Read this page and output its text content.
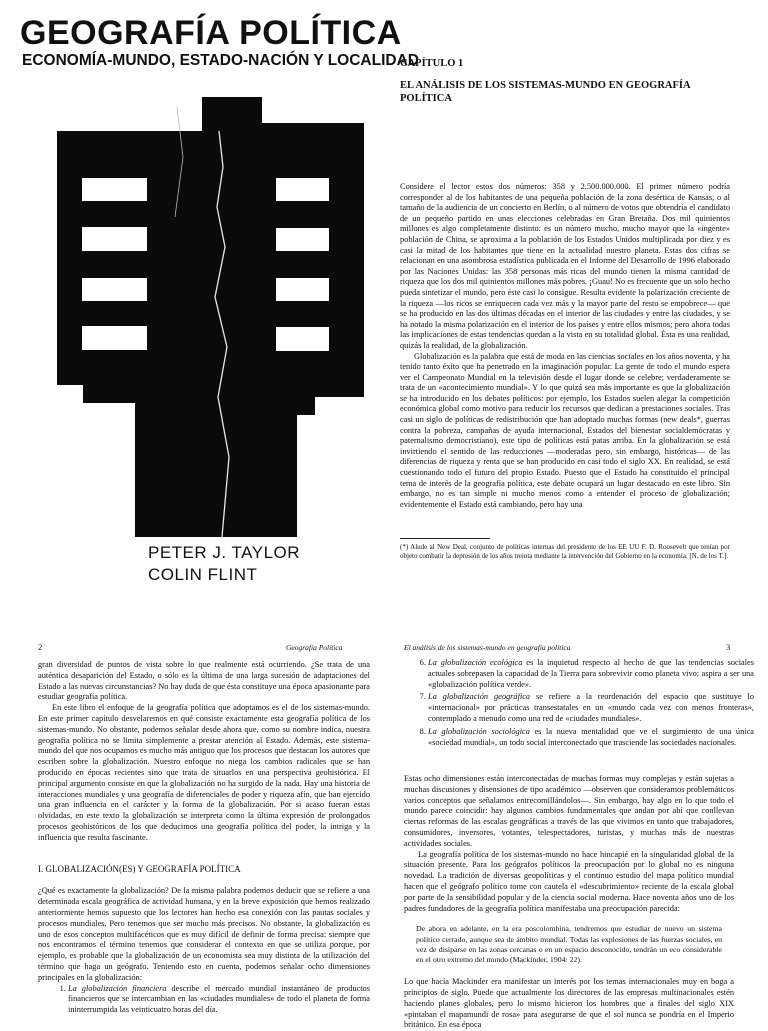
GEOGRAFÍA POLÍTICA
ECONOMÍA-MUNDO, ESTADO-NACIÓN Y LOCALIDAD
PETER J. TAYLOR
COLIN FLINT
CAPÍTULO 1
EL ANÁLISIS DE LOS SISTEMAS-MUNDO EN GEOGRAFÍA POLÍTICA

Considere el lector estos dos números: 358 y 2.500.000.000. El primer número podría corresponder al de los habitantes de una pequeña población de la zona desértica de Kansas, o al tamaño de la audiencia de un concierto en Berlín, o al número de votos que obtendría el candidato de un pequeño partido en unas elecciones celebradas en Gran Bretaña. Dos mil quinientos millones es algo completamente distinto: es un número mucho, mucho mayor que la «ingente» población de China, se aproxima a la población de los Estados Unidos multiplicada por diez y es casi la mitad de los habitantes que tiene en la actualidad nuestro planeta. Estas dos cifras se relacionan en una asombrosa estadística publicada en el Informe del Desarrollo de 1996 elaborado por las Naciones Unidas: las 358 personas más ricas del mundo tienen la misma cantidad de riqueza que los dos mil quinientos millones más pobres. ¡Guau! No es frecuente que un solo hecho pueda sintetizar el mundo, pero éste casi lo consigue. Resulta evidente la polarización creciente de la riqueza —los ricos se enriquecen cada vez más y la mayor parte del resto se empobrece— que se ha producido en las dos últimas décadas en el interior de las ciudades y entre las ciudades, y se ha notado la misma polarización en el interior de los países y entre ellos mismos; pero ahora todas las implicaciones de estas tendencias quedan a la vista en su totalidad global. Ésta es una realidad, quizás la realidad, de la globalización.

Globalización es la palabra que está de moda en las ciencias sociales en los años noventa, y ha tenido tanto éxito que ha penetrado en la imaginación popular. La gente de todo el mundo espera ver el Campeonato Mundial en la televisión desde el lugar donde se celebre; verdaderamente se trata de un «acontecimiento mundial». Y lo que quizá sea más importante es que la globalización se ha introducido en los debates políticos: por ejemplo, los Estados suelen alegar la competición económica global como motivo para reducir los recursos que dedican a prestaciones sociales. Tras casi un siglo de políticas de redistribución que han adoptado muchas formas (new deals*, guerras contra la pobreza, campañas de ayuda internacional, Estados del bienestar socialdemócratas y paternalismo democristiano), este tipo de políticas está patas arriba. En la globalización se está invirtiendo el sentido de las reducciones —moderadas pero, sin embargo, históricas— de las diferencias de riqueza y renta que se han producido en casi todo el siglo XX. En realidad, se está cuestionando todo el futuro del propio Estado. Puesto que el Estado ha constituido el principal tema de interés de la geografía política, este debate ocupará un lugar destacado en este libro. Sin embargo, no es tan simple ni mucho menos como a entender el proceso de globalización; evidentemente el Estado está cambiando, pero hay una

(*) Alude al New Deal, conjunto de políticas internas del presidente de los EE UU F. D. Roosevelt que tenían por objeto combatir la depresión de los años treinta mediante la intervención del Gobierno en la economía. [N. de los T.].
2	Geografía Política

gran diversidad de puntos de vista sobre lo que realmente está ocurriendo. ¿Se trata de una auténtica desaparición del Estado, o sólo es la última de una larga sucesión de adaptaciones del Estado a las nuevas circunstancias? No hay duda de que ésta constituye una época apasionante para estudiar geografía política.

En este libro el enfoque de la geografía política que adoptamos es el de los sistemas-mundo. En este primer capítulo desvelaremos en qué consiste exactamente esta geografía política de los sistemas-mundo. No obstante, podemos señalar desde ahora que, como su nombre indica, nuestra geografía política no se limita simplemente a prestar atención al Estado. Además, este sistema-mundo del que nos ocupamos es mucho más antiguo que los procesos que destacan los autores que escriben sobre la globalización. Nuestro enfoque no niega los cambios radicales que se han producido en épocas recientes sino que trata de situarlos en una perspectiva geohistórica. El principal argumento consiste en que la globalización no ha surgido de la nada. Hay una historia de interacciones mundiales y una geografía de diferenciales de poder y riqueza afín, que han ejercido una gran influencia en el carácter y la forma de la globalización. Por si acaso fueran estas olvidadas, en este texto la globalización se interpreta como la última expresión de prolongados procesos geohistóricos de los que deducimos una geografía política del poder, la intriga y la influencia que resulta fascinante.

I. GLOBALIZACIÓN(ES) Y GEOGRAFÍA POLÍTICA

¿Qué es exactamente la globalización? De la misma palabra podemos deducir que se refiere a una determinada escala geográfica de actividad humana, y en la breve exposición que hemos realizado anteriormente hemos supuesto que los lectores han hecho esa conexión con las pautas sociales y procesos mundiales. Pero tenemos que ser mucho más precisos. No obstante, la globalización es uno de esos conceptos multifacéticos que es muy difícil de definir de forma precisa: siempre que nos encontramos el término tenemos que considerar el contexto en que se utiliza porque, por ejemplo, es probable que la globalización de un economista sea muy distinta de la utilización del término que haga un geógrafo. Teniendo esto en cuenta, podemos señalar ocho dimensiones principales en la globalización:

1. La globalización financiera describe el mercado mundial instantáneo de productos financieros que se intercambian en las «ciudades mundiales» de todo el planeta de forma ininterrumpida las veinticuatro horas del día.
El análisis de los sistemas-mundo en geografía política	3
6. La globalización ecológica es la inquietud respecto al hecho de que las tendencias sociales actuales sobrepasen la capacidad de la Tierra para sobrevivir como planeta vivo; aspira a ser una «globalización política verde».
7. La globalización geográfica se refiere a la reordenación del espacio que sustituye lo «internacional» por prácticas transestatales en un «mundo cada vez con menos fronteras», contemplado a menudo como una red de «ciudades mundiales».
8. La globalización sociológica es la nueva mentalidad que ve el surgimiento de una única «sociedad mundial», un todo social interconectado que trasciende las sociedades nacionales.

Estas ocho dimensiones están interconectadas de muchas formas muy complejas y están sujetas a muchas discusiones y disensiones de tipo académico —observen que consideramos problemáticos varios conceptos que señalamos entrecomillándolos—. Sin embargo, hay algo en lo que todo el mundo parece coincidir: hay algunos cambios fundamentales que andan por ahí que conllevan ciertas reformas de las escalas geográficas a través de las que vivimos en tanto que trabajadores, consumidores, inversores, votantes, telespectadores, turistas, y muchas más de nuestras actividades sociales.

La geografía política de los sistemas-mundo no hace hincapié en la singularidad global de la situación presente. Para los geógrafos políticos la preocupación por lo global no es ninguna novedad. La tradición de diversas geopolíticas y el continuo estudio del mapa político mundial hacen que el geógrafo político tome con cautela el «descubrimiento» reciente de la escala global por parte de la sensibilidad popular y de la ciencia social moderna. Hace noventa años uno de los padres fundadores de la geografía política manifestaba una preocupación parecida:

De ahora en adelante, en la era poscolombina, tendremos que estudiar de nuevo un sistema político cerrado, aunque sea de ámbito mundial. Todas las explosiones de las fuerzas sociales, en vez de disiparse en las zonas cercanas o en un espacio desconocido, tendrán un eco considerable en el otro extremo del mundo (Mackinder, 1904: 22).

Lo que hacía Mackinder era manifestar un interés por los temas internacionales muy en boga a principios de siglo. Puede que actualmente los directores de las empresas multinacionales estén haciendo planes globales, pero lo mismo hicieron los hombres que a finales del siglo XIX «pintaban el mapamundi de rosa» para asegurarse de que el sol nunca se pondría en el Imperio británico. En esa época
